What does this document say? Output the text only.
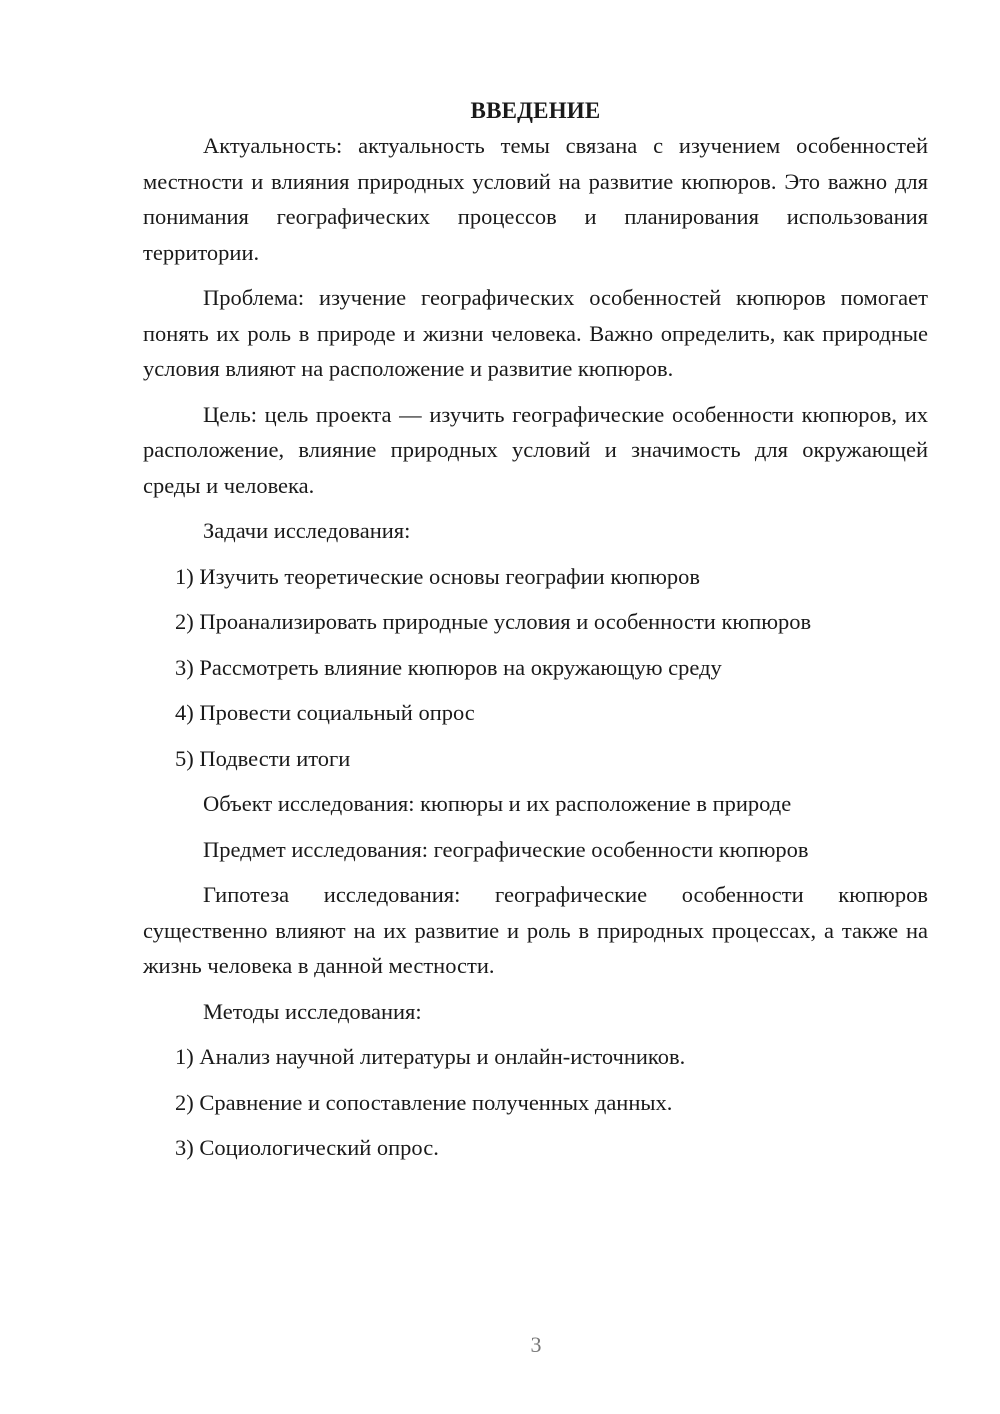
ВВЕДЕНИЕ

Актуальность: актуальность темы связана с изучением особенностей местности и влияния природных условий на развитие кюпюров. Это важно для понимания географических процессов и планирования использования территории.

Проблема: изучение географических особенностей кюпюров помогает понять их роль в природе и жизни человека. Важно определить, как природные условия влияют на расположение и развитие кюпюров.

Цель: цель проекта — изучить географические особенности кюпюров, их расположение, влияние природных условий и значимость для окружающей среды и человека.

Задачи исследования:
1) Изучить теоретические основы географии кюпюров
2) Проанализировать природные условия и особенности кюпюров
3) Рассмотреть влияние кюпюров на окружающую среду
4) Провести социальный опрос
5) Подвести итоги
Объект исследования: кюпюры и их расположение в природе
Предмет исследования: географические особенности кюпюров

Гипотеза исследования: географические особенности кюпюров существенно влияют на их развитие и роль в природных процессах, а также на жизнь человека в данной местности.

Методы исследования:
1) Анализ научной литературы и онлайн-источников.
2) Сравнение и сопоставление полученных данных.
3) Социологический опрос.
3
